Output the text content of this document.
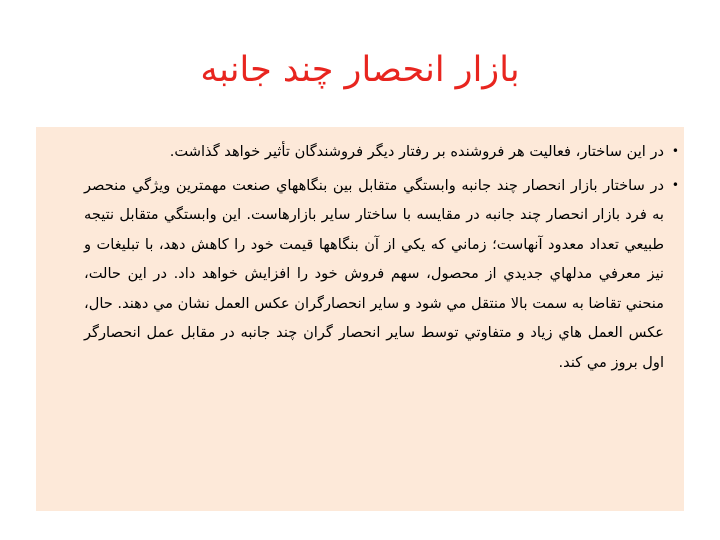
بازار انحصار چند جانبه
•
در اين ساختار، فعاليت هر فروشنده بر رفتار ديگر فروشندگان تأثير خواهد گذاشت.
•
در ساختار بازار انحصار چند جانبه وابستگي متقابل بين بنگاههاي صنعت مهمترين ويژگي منحصر به فرد بازار انحصار چند جانبه در مقايسه با ساختار ساير بازارهاست. اين وابستگي متقابل نتيجه طبيعي تعداد معدود آنهاست؛ زماني كه يكي از آن بنگاهها قيمت خود را كاهش دهد، با تبليغات و نيز معرفي مدلهاي جديدي از محصول، سهم فروش خود را افزايش خواهد داد. در اين حالت، منحني تقاضا به سمت بالا منتقل مي شود و ساير انحصارگران عكس العمل نشان مي دهند. حال، عكس العمل هاي زياد و متفاوتي توسط ساير انحصار گران چند جانبه در مقابل عمل انحصارگر اول بروز مي كند.
